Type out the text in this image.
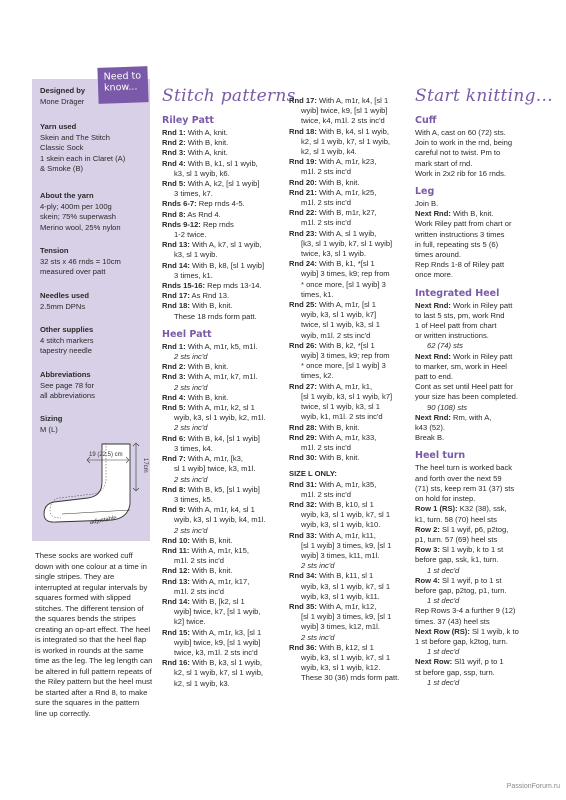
Need to know...
Designed by
Mone Dräger
Yarn used
Skein and The Stitch
Classic Sock
1 skein each in Claret (A)
& Smoke (B)
About the yarn
4-ply; 400m per 100g
skein; 75% superwash
Merino wool, 25% nylon
Tension
32 sts x 46 rnds = 10cm
measured over patt
Needles used
2.5mm DPNs
Other supplies
4 stitch markers
tapestry needle
Abbreviations
See page 78 for
all abbreviations
Sizing
M (L)
19 (22.5) cm
17cm
adjustable
These socks are worked cuff down with one colour at a time in single stripes. They are interrupted at regular intervals by squares formed with slipped stitches. The different tension of the squares bends the stripes creating an op-art effect. The heel is integrated so that the heel flap is worked in rounds at the same time as the leg. The leg length can be altered in full pattern repeats of the Riley pattern but the heel must be started after a Rnd 8, to make sure the squares in the pattern line up correctly.
Stitch patterns
Riley Patt

Rnd 1: With A, knit.

Rnd 2: With B, knit.

Rnd 3: With A, knit.

Rnd 4: With B, k1, sl 1 wyib,

k3, sl 1 wyib, k6.

Rnd 5: With A, k2, [sl 1 wyib]

3 times, k7.

Rnds 6-7: Rep rnds 4-5.

Rnd 8: As Rnd 4.

Rnds 9-12: Rep rnds

1-2 twice.

Rnd 13: With A, k7, sl 1 wyib,

k3, sl 1 wyib.

Rnd 14: With B, k8, [sl 1 wyib]

3 times, k1.

Rnds 15-16: Rep rnds 13-14.

Rnd 17: As Rnd 13.

Rnd 18: With B, knit.

These 18 rnds form patt.

Heel Patt

Rnd 1: With A, m1r, k5, m1l.

2 sts inc'd

Rnd 2: With B, knit.

Rnd 3: With A, m1r, k7, m1l.

2 sts inc'd

Rnd 4: With B, knit.

Rnd 5: With A, m1r, k2, sl 1

wyib, k3, sl 1 wyib, k2, m1l.

2 sts inc'd

Rnd 6: With B, k4, [sl 1 wyib]

3 times, k4.

Rnd 7: With A, m1r, [k3,

sl 1 wyib] twice, k3, m1l.

2 sts inc'd

Rnd 8: With B, k5, [sl 1 wyib]

3 times, k5.

Rnd 9: With A, m1r, k4, sl 1

wyib, k3, sl 1 wyib, k4, m1l.

2 sts inc'd

Rnd 10: With B, knit.

Rnd 11: With A, m1r, k15,

m1l. 2 sts inc'd

Rnd 12: With B, knit.

Rnd 13: With A, m1r, k17,

m1l. 2 sts inc'd

Rnd 14: With B, [k2, sl 1

wyib] twice, k7, [sl 1 wyib,

k2] twice.

Rnd 15: With A, m1r, k3, [sl 1

wyib] twice, k9, [sl 1 wyib]

twice, k3, m1l. 2 sts inc'd

Rnd 16: With B, k3, sl 1 wyib,

k2, sl 1 wyib, k7, sl 1 wyib,

k2, sl 1 wyib, k3.

Rnd 17: With A, m1r, k4, [sl 1

wyib] twice, k9, [sl 1 wyib]

twice, k4, m1l. 2 sts inc'd

Rnd 18: With B, k4, sl 1 wyib,

k2, sl 1 wyib, k7, sl 1 wyib,

k2, sl 1 wyib, k4.

Rnd 19: With A, m1r, k23,

m1l. 2 sts inc'd

Rnd 20: With B, knit.

Rnd 21: With A, m1r, k25,

m1l. 2 sts inc'd

Rnd 22: With B, m1r, k27,

m1l. 2 sts inc'd

Rnd 23: With A, sl 1 wyib,

[k3, sl 1 wyib, k7, sl 1 wyib]

twice, k3, sl 1 wyib.

Rnd 24: With B, k1, *[sl 1

wyib] 3 times, k9; rep from

* once more, [sl 1 wyib] 3

times, k1.

Rnd 25: With A, m1r, [sl 1

wyib, k3, sl 1 wyib, k7]

twice, sl 1 wyib, k3, sl 1

wyib, m1l. 2 sts inc'd

Rnd 26: With B, k2, *[sl 1

wyib] 3 times, k9; rep from

* once more, [sl 1 wyib] 3

times, k2.

Rnd 27: With A, m1r, k1,

[sl 1 wyib, k3, sl 1 wyib, k7]

twice, sl 1 wyib, k3, sl 1

wyib, k1, m1l. 2 sts inc'd

Rnd 28: With B, knit.

Rnd 29: With A, m1r, k33,

m1l. 2 sts inc'd

Rnd 30: With B, knit.

SIZE L ONLY:

Rnd 31: With A, m1r, k35,

m1l. 2 sts inc'd

Rnd 32: With B, k10, sl 1

wyib, k3, sl 1 wyib, k7, sl 1

wyib, k3, sl 1 wyib, k10.

Rnd 33: With A, m1r, k11,

[sl 1 wyib] 3 times, k9, [sl 1

wyib] 3 times, k11, m1l.

2 sts inc'd

Rnd 34: With B, k11, sl 1

wyib, k3, sl 1 wyib, k7, sl 1

wyib, k3, sl 1 wyib, k11.

Rnd 35: With A, m1r, k12,

[sl 1 wyib] 3 times, k9, [sl 1

wyib] 3 times, k12, m1l.

2 sts inc'd

Rnd 36: With B, k12, sl 1

wyib, k3, sl 1 wyib, k7, sl 1

wyib, k3, sl 1 wyib, k12.

These 30 (36) rnds form patt.

Start knitting...
Cuff

With A, cast on 60 (72) sts.

Join to work in the rnd, being

careful not to twist. Pm to

mark start of rnd.

Work in 2x2 rib for 16 rnds.

Leg

Join B.

Next Rnd: With B, knit.

Work Riley patt from chart or

written instructions 3 times

in full, repeating sts 5 (6)

times around.

Rep Rnds 1-8 of Riley patt

once more.

Integrated Heel

Next Rnd: Work in Riley patt

to last 5 sts, pm, work Rnd

1 of Heel patt from chart

or written instructions.

62 (74) sts

Next Rnd: Work in Riley patt

to marker, sm, work in Heel

patt to end.

Cont as set until Heel patt for

your size has been completed.

90 (108) sts

Next Rnd: Rm, with A,

k43 (52).

Break B.

Heel turn

The heel turn is worked back

and forth over the next 59

(71) sts, keep rem 31 (37) sts

on hold for instep.

Row 1 (RS): K32 (38), ssk,

k1, turn. 58 (70) heel sts

Row 2: Sl 1 wyif, p6, p2tog,

p1, turn. 57 (69) heel sts

Row 3: Sl 1 wyib, k to 1 st

before gap, ssk, k1, turn.

1 st dec'd

Row 4: Sl 1 wyif, p to 1 st

before gap, p2tog, p1, turn.

1 st dec'd

Rep Rows 3-4 a further 9 (12)

times. 37 (43) heel sts

Next Row (RS): Sl 1 wyib, k to

1 st before gap, k2tog, turn.

1 st dec'd

Next Row: Sl1 wyif, p to 1

st before gap, ssp, turn.

1 st dec'd

PassionForum.ru
